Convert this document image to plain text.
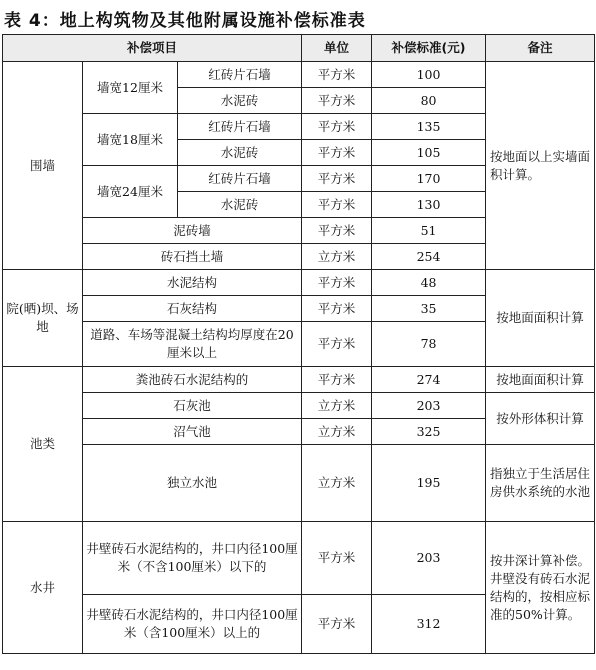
表 4：地上构筑物及其他附属设施补偿标准表
补偿项目			单位	补偿标准(元)	备注
围墙	墙宽12厘米	红砖片石墙	平方米	100	按地面以上实墙面积计算。
		水泥砖	平方米	80	
	墙宽18厘米	红砖片石墙	平方米	135	
		水泥砖	平方米	105	
	墙宽24厘米	红砖片石墙	平方米	170	
		水泥砖	平方米	130	
	泥砖墙		平方米	51	
	砖石挡土墙		立方米	254	
院(晒)坝、场地	水泥结构		平方米	48	按地面面积计算
	石灰结构		平方米	35	
	道路、车场等混凝土结构均厚度在20厘米以上		平方米	78	
池类	粪池砖石水泥结构的		平方米	274	按地面面积计算
	石灰池		立方米	203	按外形体积计算
	沼气池		立方米	325	
	独立水池		立方米	195	指独立于生活居住房供水系统的水池
水井	井壁砖石水泥结构的，井口内径100厘米（不含100厘米）以下的		平方米	203	按井深计算补偿。井壁没有砖石水泥结构的，按相应标准的50%计算。
	井壁砖石水泥结构的，井口内径100厘米（含100厘米）以上的		平方米	312	
